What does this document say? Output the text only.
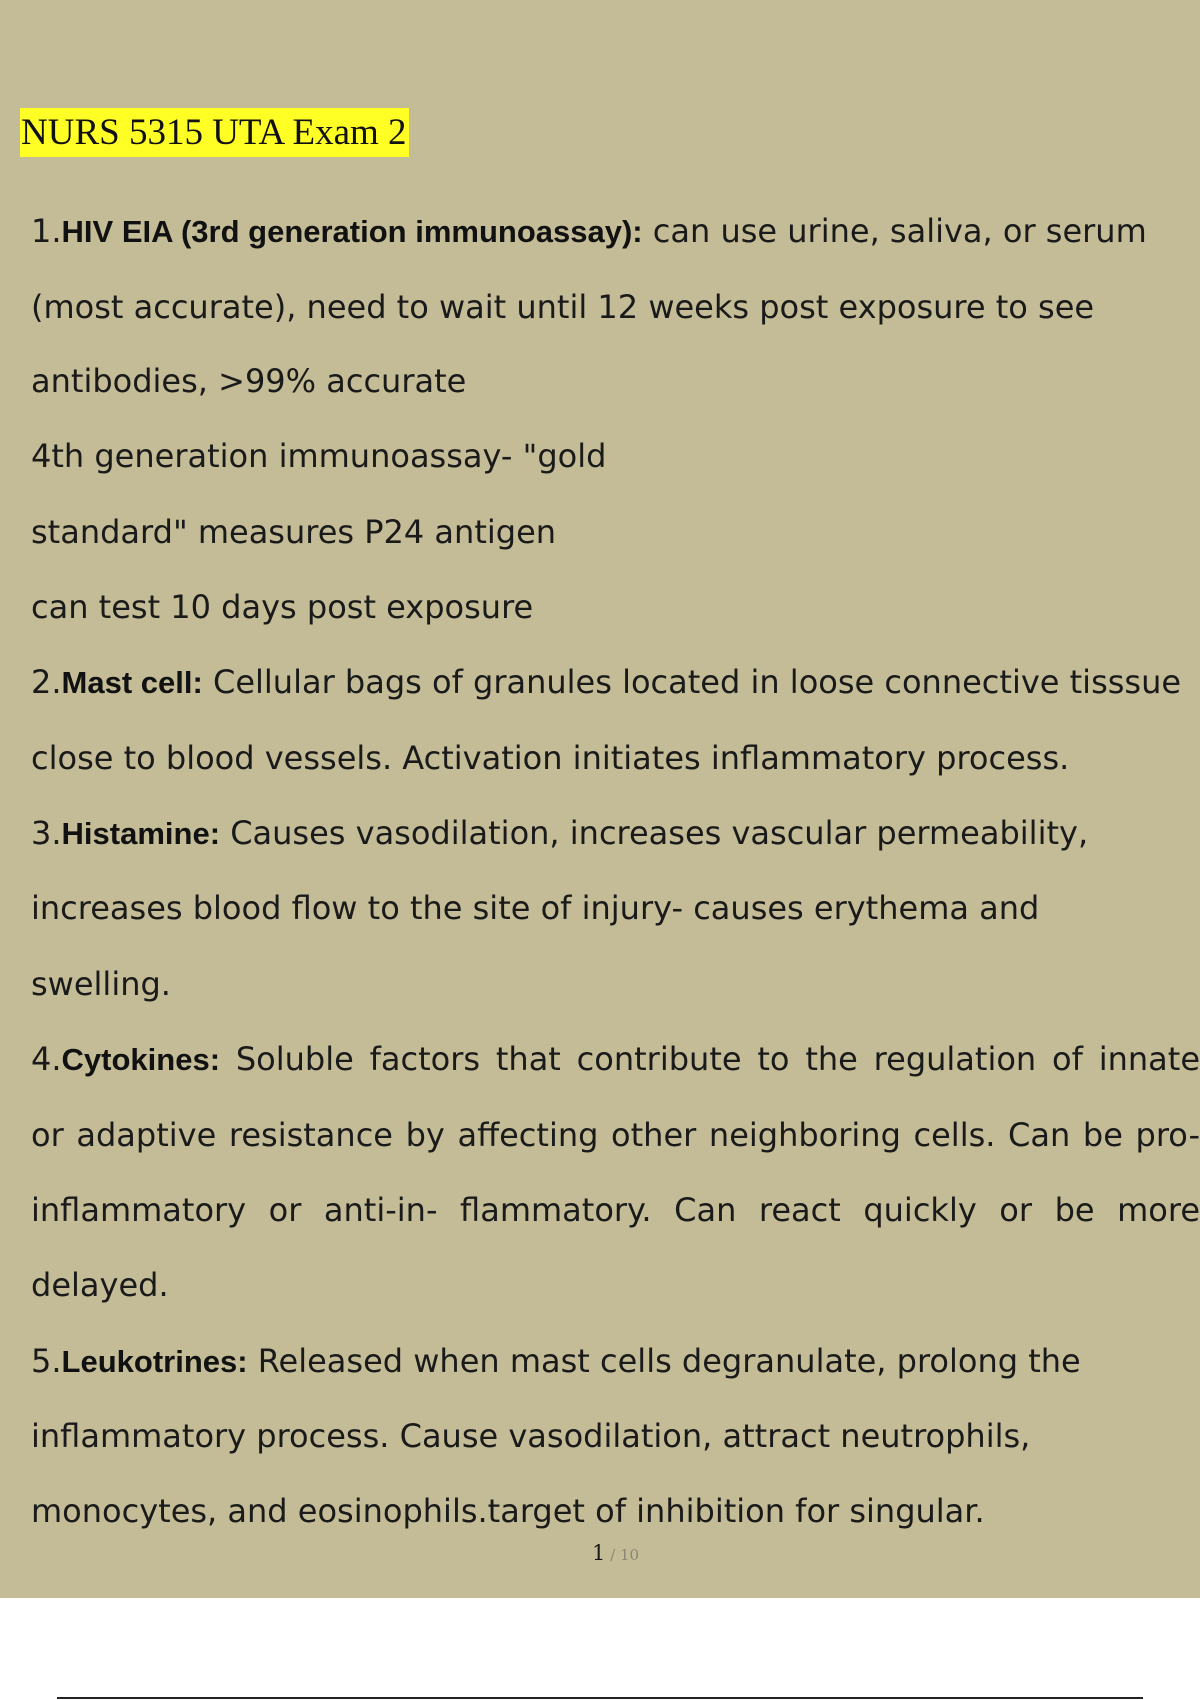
NURS 5315 UTA Exam 2
1.HIV EIA (3rd generation immunoassay): can use urine, saliva, or serum
(most accurate), need to wait until 12 weeks post exposure to see
antibodies, >99% accurate
4th generation immunoassay- "gold
standard" measures P24 antigen
can test 10 days post exposure
2.Mast cell: Cellular bags of granules located in loose connective tisssue
close to blood vessels. Activation initiates inflammatory process.
3.Histamine: Causes vasodilation, increases vascular permeability,
increases blood flow to the site of injury- causes erythema and
swelling.
4.Cytokines: Soluble factors that contribute to the regulation of innate
or adaptive resistance by affecting other neighboring cells. Can be pro-
inflammatory or anti-in- flammatory. Can react quickly or be more
delayed.
5.Leukotrines: Released when mast cells degranulate, prolong the
inflammatory process. Cause vasodilation, attract neutrophils,
monocytes, and eosinophils.target of inhibition for singular.
1 / 10
